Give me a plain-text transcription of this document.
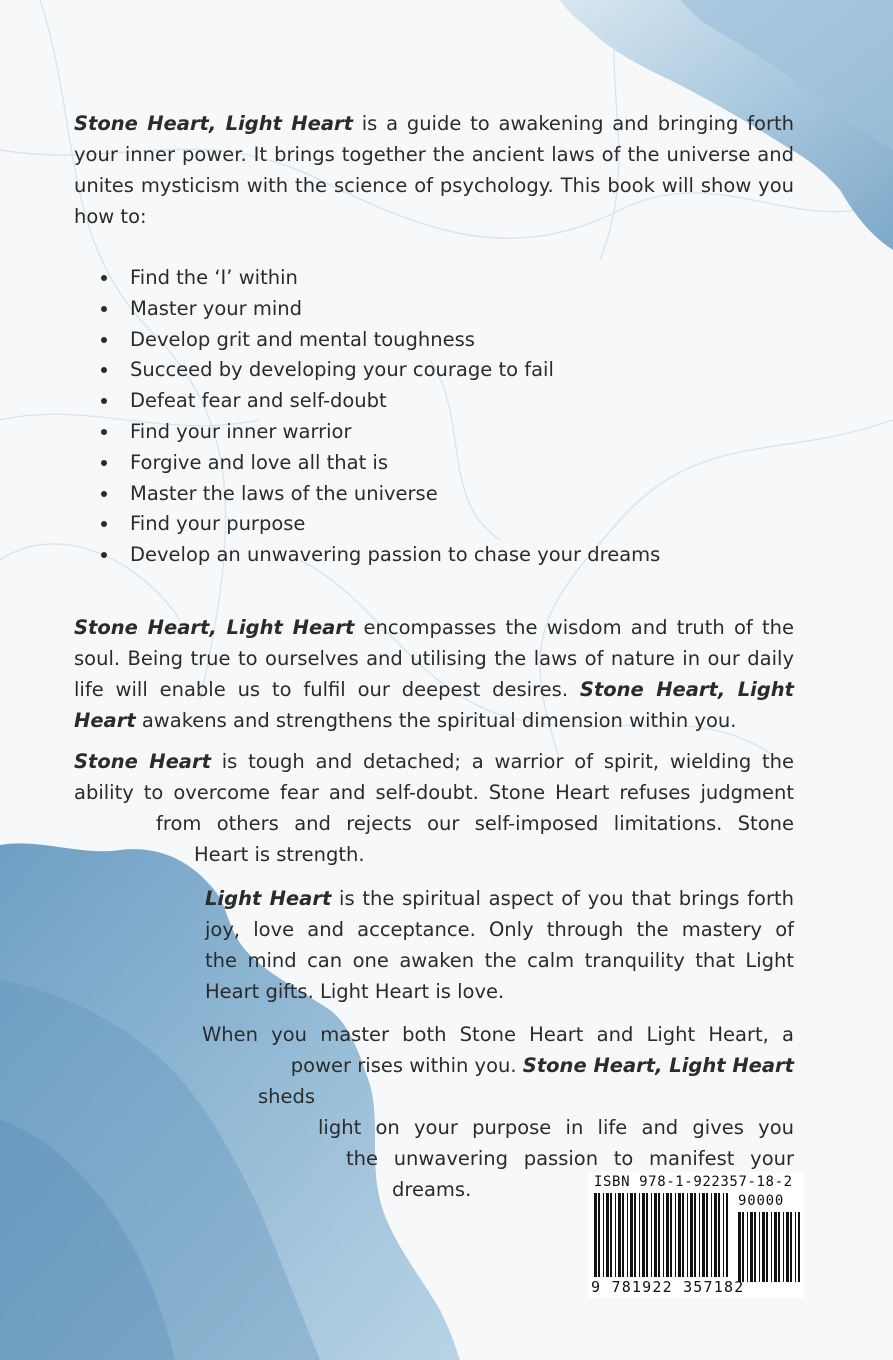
Stone Heart, Light Heart is a guide to awakening and bringing forth your inner power. It brings together the ancient laws of the universe and unites mysticism with the science of psychology. This book will show you how to:

Find the ‘I’ within
Master your mind
Develop grit and mental toughness
Succeed by developing your courage to fail
Defeat fear and self-doubt
Find your inner warrior
Forgive and love all that is
Master the laws of the universe
Find your purpose
Develop an unwavering passion to chase your dreams

Stone Heart, Light Heart encompasses the wisdom and truth of the soul. Being true to ourselves and utilising the laws of nature in our daily life will enable us to fulfil our deepest desires. Stone Heart, Light Heart awakens and strengthens the spiritual dimension within you.

Stone Heart is tough and detached; a warrior of spirit, wielding the
ability to overcome fear and self-doubt. Stone Heart refuses judgment
from others and rejects our self-imposed limitations. Stone
Heart is strength.

Light Heart is the spiritual aspect of you that brings forth
joy, love and acceptance. Only through the mastery of
the mind can one awaken the calm tranquility that Light
Heart gifts. Light Heart is love.

When you master both Stone Heart and Light Heart, a
power rises within you. Stone Heart, Light Heart sheds
light on your purpose in life and gives you
the unwavering passion to manifest your
dreams.	ISBN 978-1-922357-18-2
90000
9 781922 357182
